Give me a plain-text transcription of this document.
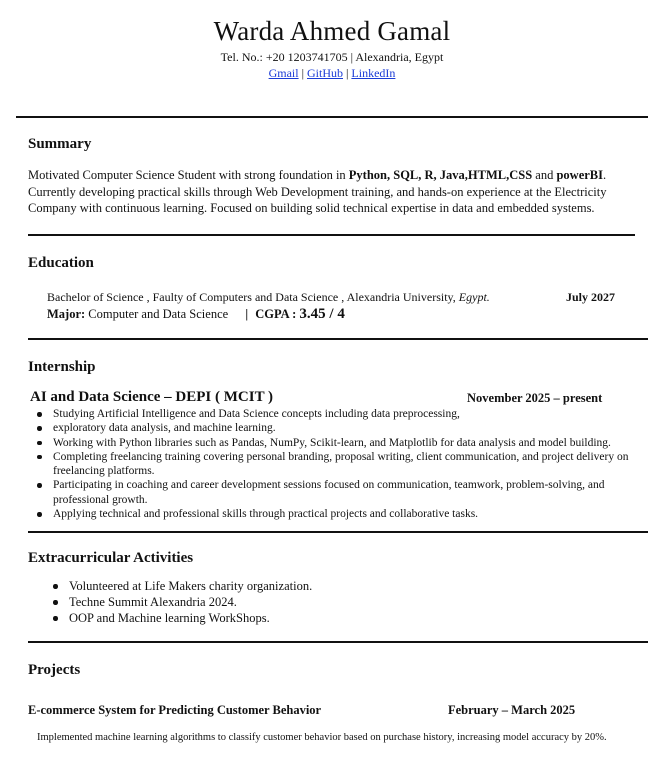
Warda Ahmed Gamal
Tel. No.: +20 1203741705 | Alexandria, Egypt
Gmail | GitHub | LinkedIn
Summary
Motivated Computer Science Student with strong foundation in Python, SQL, R, Java,HTML,CSS and powerBI. Currently developing practical skills through Web Development training, and hands-on experience at the Electricity Company with continuous learning. Focused on building solid technical expertise in data and embedded systems.
Education
Bachelor of Science , Faulty of Computers and Data Science , Alexandria University, Egypt.	July 2027
Major: Computer and Data Science | CGPA : 3.45 / 4
Internship
AI and Data Science – DEPI ( MCIT )	November 2025 – present
Studying Artificial Intelligence and Data Science concepts including data preprocessing,
exploratory data analysis, and machine learning.
Working with Python libraries such as Pandas, NumPy, Scikit-learn, and Matplotlib for data analysis and model building.
Completing freelancing training covering personal branding, proposal writing, client communication, and project delivery on freelancing platforms.
Participating in coaching and career development sessions focused on communication, teamwork, problem-solving, and professional growth.
Applying technical and professional skills through practical projects and collaborative tasks.
Extracurricular Activities
Volunteered at Life Makers charity organization.
Techne Summit Alexandria 2024.
OOP and Machine learning WorkShops.
Projects
E-commerce System for Predicting Customer Behavior	February – March 2025
Implemented machine learning algorithms to classify customer behavior based on purchase history, increasing model accuracy by 20%.
